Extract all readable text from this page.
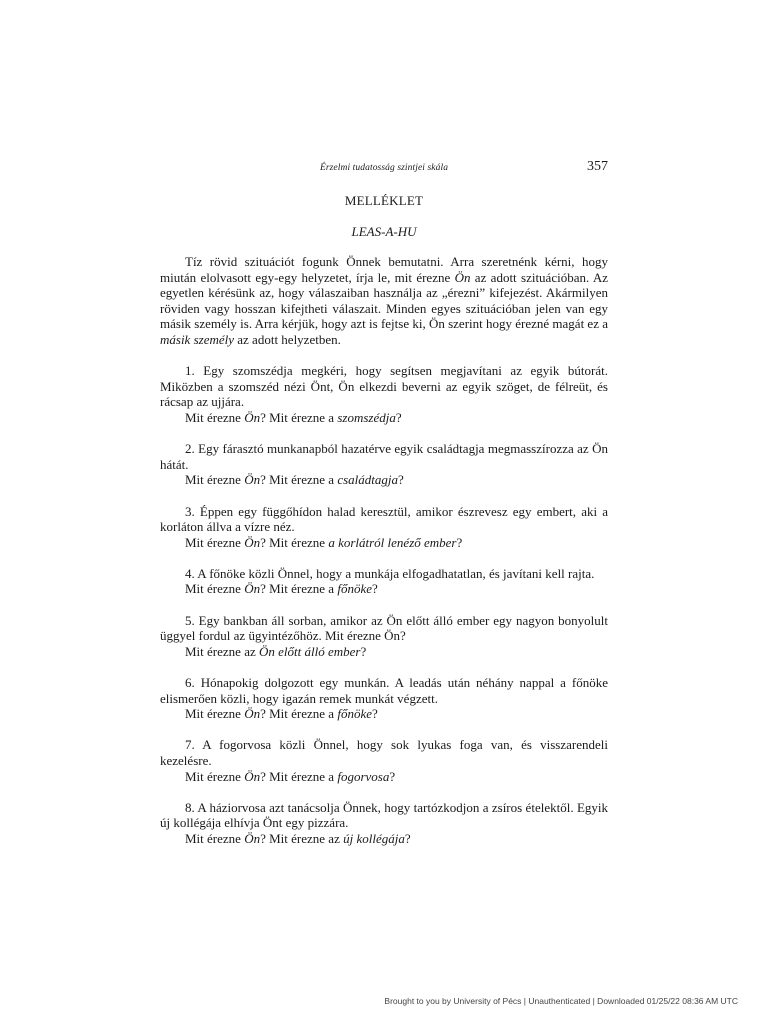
Érzelmi tudatosság szintjei skála	357
MELLÉKLET
LEAS-A-HU

Tíz rövid szituációt fogunk Önnek bemutatni. Arra szeretnénk kérni, hogy miután elolvasott egy-egy helyzetet, írja le, mit érezne Ön az adott szituációban. Az egyetlen kérésünk az, hogy válaszaiban használja az „érezni” kifejezést. Akármilyen röviden vagy hosszan kifejtheti válaszait. Minden egyes szituációban jelen van egy másik személy is. Arra kérjük, hogy azt is fejtse ki, Ön szerint hogy érezné magát ez a másik személy az adott helyzetben.

1. Egy szomszédja megkéri, hogy segítsen megjavítani az egyik bútorát. Miközben a szomszéd nézi Önt, Ön elkezdi beverni az egyik szöget, de félreüt, és rácsap az ujjára.

Mit érezne Ön? Mit érezne a szomszédja?

2. Egy fárasztó munkanapból hazatérve egyik családtagja megmasszírozza az Ön hátát.

Mit érezne Ön? Mit érezne a családtagja?

3. Éppen egy függőhídon halad keresztül, amikor észrevesz egy embert, aki a korláton állva a vízre néz.

Mit érezne Ön? Mit érezne a korlátról lenéző ember?

4. A főnöke közli Önnel, hogy a munkája elfogadhatatlan, és javítani kell rajta.

Mit érezne Ön? Mit érezne a főnöke?

5. Egy bankban áll sorban, amikor az Ön előtt álló ember egy nagyon bonyolult üggyel fordul az ügyintézőhöz. Mit érezne Ön?

Mit érezne az Ön előtt álló ember?

6. Hónapokig dolgozott egy munkán. A leadás után néhány nappal a főnöke elismerően közli, hogy igazán remek munkát végzett.

Mit érezne Ön? Mit érezne a főnöke?

7. A fogorvosa közli Önnel, hogy sok lyukas foga van, és visszarendeli kezelésre.

Mit érezne Ön? Mit érezne a fogorvosa?

8. A háziorvosa azt tanácsolja Önnek, hogy tartózkodjon a zsíros ételektől. Egyik új kollégája elhívja Önt egy pizzára.

Mit érezne Ön? Mit érezne az új kollégája?
Brought to you by University of Pécs | Unauthenticated | Downloaded 01/25/22 08:36 AM UTC
